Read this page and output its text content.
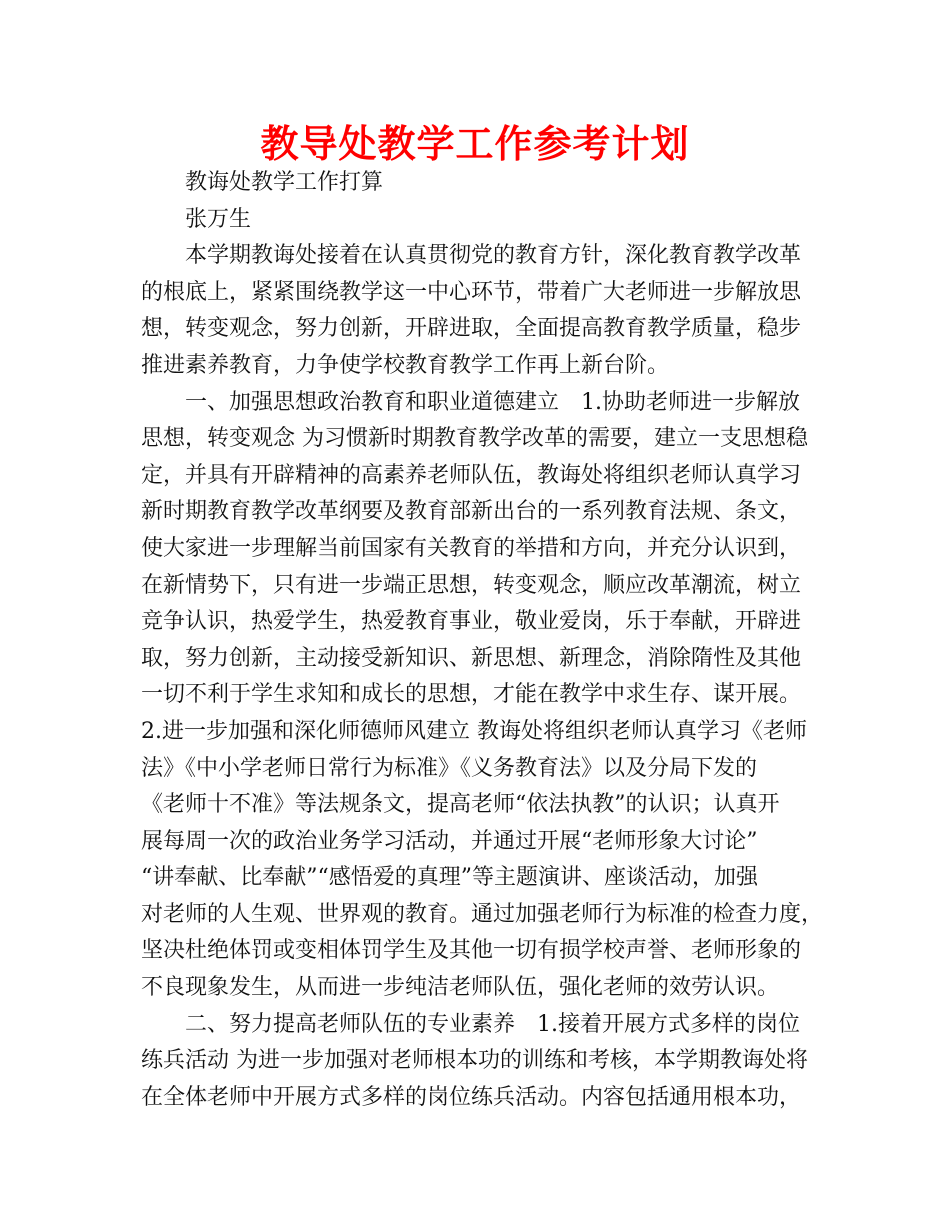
教导处教学工作参考计划
教诲处教学工作打算
张万生
本学期教诲处接着在认真贯彻党的教育方针，深化教育教学改革
的根底上，紧紧围绕教学这一中心环节，带着广大老师进一步解放思
想，转变观念，努力创新，开辟进取，全面提高教育教学质量，稳步
推进素养教育，力争使学校教育教学工作再上新台阶。
一、加强思想政治教育和职业道德建立　1.协助老师进一步解放
思想，转变观念 为习惯新时期教育教学改革的需要，建立一支思想稳
定，并具有开辟精神的高素养老师队伍，教诲处将组织老师认真学习
新时期教育教学改革纲要及教育部新出台的一系列教育法规、条文，
使大家进一步理解当前国家有关教育的举措和方向，并充分认识到，
在新情势下，只有进一步端正思想，转变观念，顺应改革潮流，树立
竞争认识，热爱学生，热爱教育事业，敬业爱岗，乐于奉献，开辟进
取，努力创新，主动接受新知识、新思想、新理念，消除隋性及其他
一切不利于学生求知和成长的思想，才能在教学中求生存、谋开展。
2.进一步加强和深化师德师风建立 教诲处将组织老师认真学习《老师
法》《中小学老师日常行为标准》《义务教育法》以及分局下发的
《老师十不准》等法规条文，提高老师“依法执教”的认识；认真开
展每周一次的政治业务学习活动，并通过开展“老师形象大讨论”
“讲奉献、比奉献”“感悟爱的真理”等主题演讲、座谈活动，加强
对老师的人生观、世界观的教育。通过加强老师行为标准的检查力度，
坚决杜绝体罚或变相体罚学生及其他一切有损学校声誉、老师形象的
不良现象发生，从而进一步纯洁老师队伍，强化老师的效劳认识。
二、努力提高老师队伍的专业素养　1.接着开展方式多样的岗位
练兵活动 为进一步加强对老师根本功的训练和考核，本学期教诲处将
在全体老师中开展方式多样的岗位练兵活动。内容包括通用根本功，
